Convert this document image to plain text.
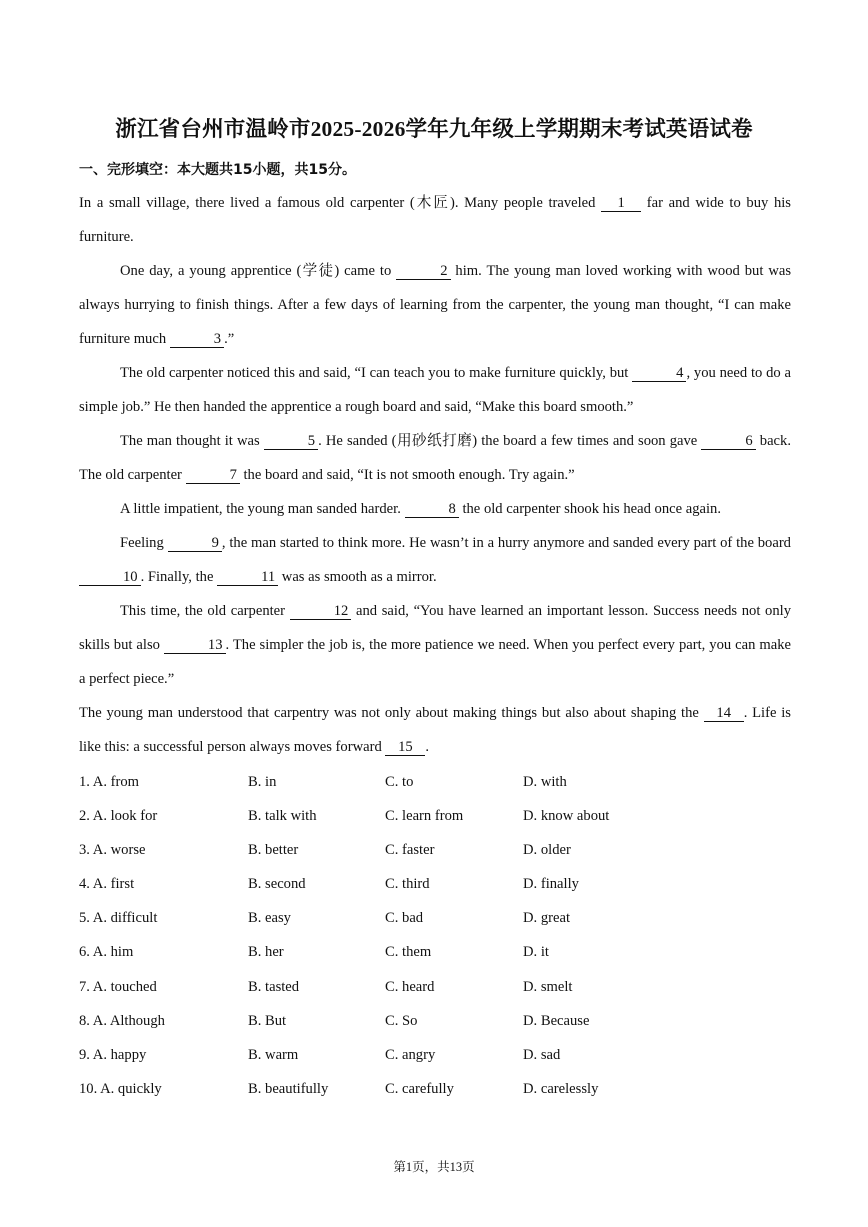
浙江省台州市温岭市2025-2026学年九年级上学期期末考试英语试卷
一、完形填空：本大题共15小题，共15分。

In a small village, there lived a famous old carpenter (木匠). Many people traveled 1 far and wide to buy his furniture.

One day, a young apprentice (学徒) came to	2 him. The young man loved working with wood but was always hurrying to finish things. After a few days of learning from the carpenter, the young man thought, “I can make furniture much	3 .”

The old carpenter noticed this and said, “I can teach you to make furniture quickly, but	4 , you need to do a simple job.” He then handed the apprentice a rough board and said, “Make this board smooth.”

The man thought it was	5 . He sanded (用砂纸打磨) the board a few times and soon gave	6 back. The old carpenter	7 the board and said, “It is not smooth enough. Try again.”

A little impatient, the young man sanded harder.	8 the old carpenter shook his head once again.

Feeling	9 , the man started to think more. He wasn’t in a hurry anymore and sanded every part of the board 10 . Finally, the	11 was as smooth as a mirror.

This time, the old carpenter	12 and said, “You have learned an important lesson. Success needs not only skills but also	13 . The simpler the job is, the more patience we need. When you perfect every part, you can make a perfect piece.”

The young man understood that carpentry was not only about making things but also about shaping the 14 . Life is like this: a successful person always moves forward 15 .

1. A. from	B. in	C. to	D. with
2. A. look for	B. talk with	C. learn from	D. know about
3. A. worse	B. better	C. faster	D. older
4. A. first	B. second	C. third	D. finally
5. A. difficult	B. easy	C. bad	D. great
6. A. him	B. her	C. them	D. it
7. A. touched	B. tasted	C. heard	D. smelt
8. A. Although	B. But	C. So	D. Because
9. A. happy	B. warm	C. angry	D. sad
10. A. quickly	B. beautifully	C. carefully	D. carelessly
第1页，共13页
